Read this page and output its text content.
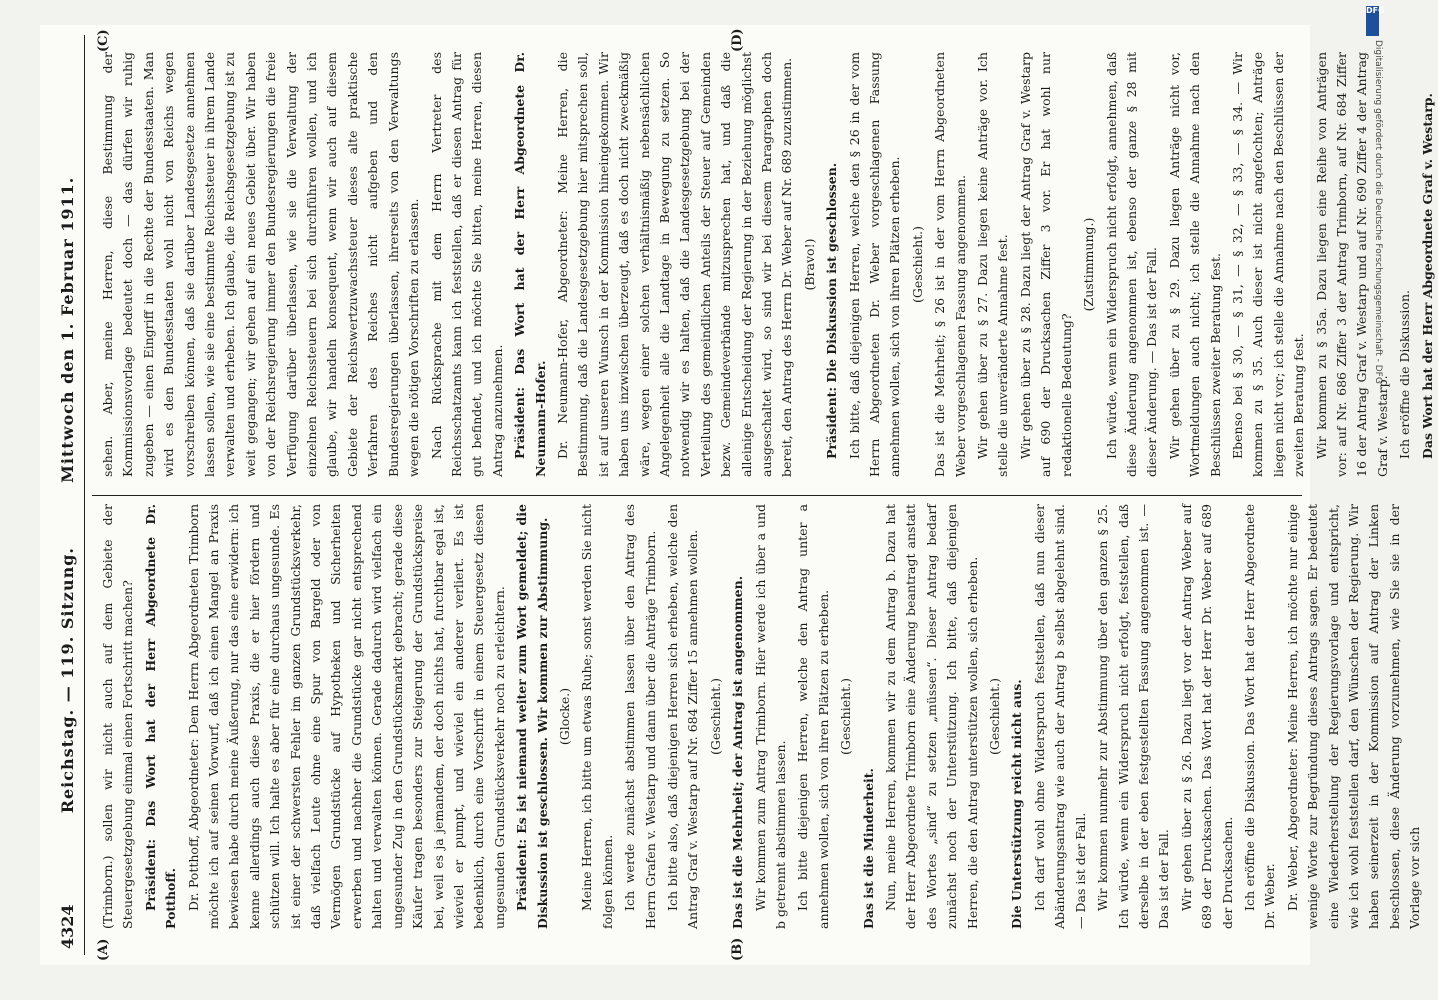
4324
Reichstag. — 119. Sitzung.     Mittwoch den 1. Februar 1911.
(A)	(B)
(C)	(D)

(Trimborn.) sollen wir nicht auch auf dem Gebiete der Steuergesetzgebung einmal einen Fortschritt machen? Präsident: Das Wort hat der Herr Abgeordnete Dr. Potthoff. Dr. Potthoff, Abgeordneter: Dem Herrn Abgeordneten Trimborn möchte ich auf seinen Vorwurf, daß ich einen Mangel an Praxis bewiesen habe durch meine Äußerung, nur das eine erwidern: ich kenne allerdings auch diese Praxis, die er hier fördern und schützen will. Ich halte es aber für eine durchaus ungesunde. Es ist einer der schwersten Fehler im ganzen Grundstücksverkehr, daß vielfach Leute ohne eine Spur von Bargeld oder von Vermögen Grundstücke auf Hypotheken und Sicherheiten erwerben und nachher die Grundstücke gar nicht entsprechend halten und verwalten können. Gerade dadurch wird vielfach ein ungesunder Zug in den Grundstücksmarkt gebracht; gerade diese Käufer tragen besonders zur Steigerung der Grundstückspreise bei, weil es ja jemandem, der doch nichts hat, furchtbar egal ist, wieviel er pumpt, und wieviel ein anderer verliert. Es ist bedenklich, durch eine Vorschrift in einem Steuergesetz diesen ungesunden Grundstücksverkehr noch zu erleichtern. Präsident: Es ist niemand weiter zum Wort gemeldet; die Diskussion ist geschlossen. Wir kommen zur Abstimmung. (Glocke.) Meine Herren, ich bitte um etwas Ruhe; sonst werden Sie nicht folgen können. Ich werde zunächst abstimmen lassen über den Antrag des Herrn Grafen v. Westarp und dann über die Anträge Trimborn. Ich bitte also, daß diejenigen Herren sich erheben, welche den Antrag Graf v. Westarp auf Nr. 684 Ziffer 15 annehmen wollen. (Geschieht.) Das ist die Mehrheit; der Antrag ist angenommen. Wir kommen zum Antrag Trimborn. Hier werde ich über a und b getrennt abstimmen lassen. Ich bitte diejenigen Herren, welche den Antrag unter a annehmen wollen, sich von ihren Plätzen zu erheben. (Geschieht.)

Das ist die Minderheit. Nun, meine Herren, kommen wir zu dem Antrag b. Dazu hat der Herr Abgeordnete Trimborn eine Änderung beantragt anstatt des Wortes „sind“ zu setzen „müssen“. Dieser Antrag bedarf zunächst noch der Unterstützung. Ich bitte, daß diejenigen Herren, die den Antrag unterstützen wollen, sich erheben. (Geschieht.) Die Unterstützung reicht nicht aus. Ich darf wohl ohne Widerspruch feststellen, daß nun dieser Abänderungsantrag wie auch der Antrag b selbst abgelehnt sind. — Das ist der Fall. Wir kommen nunmehr zur Abstimmung über den ganzen § 25. Ich würde, wenn ein Widerspruch nicht erfolgt, feststellen, daß derselbe in der eben festgestellten Fassung angenommen ist. — Das ist der Fall. Wir gehen über zu § 26. Dazu liegt vor der Antrag Weber auf 689 der Drucksachen. Das Wort hat der Herr Dr. Weber auf 689 der Drucksachen. Ich eröffne die Diskussion. Das Wort hat der Herr Abgeordnete Dr. Weber. Dr. Weber, Abgeordneter: Meine Herren, ich möchte nur einige wenige Worte zur Begründung dieses Antrags sagen. Er bedeutet eine Wiederherstellung der Regierungsvorlage und entspricht, wie ich wohl feststellen darf, den Wünschen der Regierung. Wir haben seinerzeit in der Kommission auf Antrag der Linken beschlossen, diese Änderung vorzunehmen, wie Sie sie in der Vorlage vor sich

sehen. Aber, meine Herren, diese Bestimmung der Kommissionsvorlage bedeutet doch — das dürfen wir ruhig zugeben — einen Eingriff in die Rechte der Bundesstaaten. Man wird es den Bundesstaaten wohl nicht von Reichs wegen vorschreiben können, daß sie darüber Landesgesetze annehmen lassen sollen, wie sie eine bestimmte Reichssteuer in ihrem Lande verwalten und erheben. Ich glaube, die Reichsgesetzgebung ist zu weit gegangen; wir gehen auf ein neues Gebiet über. Wir haben von der Reichsregierung immer den Bundesregierungen die freie Verfügung darüber überlassen, wie sie die Verwaltung der einzelnen Reichssteuern bei sich durchführen wollen, und ich glaube, wir handeln konsequent, wenn wir auch auf diesem Gebiete der Reichswertzuwachssteuer dieses alte praktische Verfahren des Reiches nicht aufgeben und den Bundesregierungen überlassen, ihrerseits von den Verwaltungs wegen die nötigen Vorschriften zu erlassen. Nach Rücksprache mit dem Herrn Vertreter des Reichsschatzamts kann ich feststellen, daß er diesen Antrag für gut befindet, und ich möchte Sie bitten, meine Herren, diesen Antrag anzunehmen. Präsident: Das Wort hat der Herr Abgeordnete Dr. Neumann-Hofer. Dr. Neumann-Hofer, Abgeordneter: Meine Herren, die Bestimmung, daß die Landesgesetzgebung hier mitsprechen soll, ist auf unseren Wunsch in der Kommission hineingekommen. Wir haben uns inzwischen überzeugt, daß es doch nicht zweckmäßig wäre, wegen einer solchen verhältnismäßig nebensächlichen Angelegenheit alle die Landtage in Bewegung zu setzen. So notwendig wir es halten, daß die Landesgesetzgebung bei der Verteilung des gemeindlichen Anteils der Steuer auf Gemeinden bezw. Gemeindeverbände mitzusprechen hat, und daß die alleinige Entscheidung der Regierung in der Beziehung möglichst ausgeschaltet wird, so sind wir bei diesem Paragraphen doch bereit, den Antrag des Herrn Dr. Weber auf Nr. 689 zuzustimmen. (Bravo!) Präsident: Die Diskussion ist geschlossen. Ich bitte, daß diejenigen Herren, welche den § 26 in der vom Herrn Abgeordneten Dr. Weber vorgeschlagenen Fassung annehmen wollen, sich von ihren Plätzen erheben. (Geschieht.) Das ist die Mehrheit; § 26 ist in der vom Herrn Abgeordneten Weber vorgeschlagenen Fassung angenommen. Wir gehen über zu § 27. Dazu liegen keine Anträge vor. Ich stelle die unveränderte Annahme fest. Wir gehen über zu § 28. Dazu liegt der Antrag Graf v. Westarp auf 690 der Drucksachen Ziffer 3 vor. Er hat wohl nur redaktionelle Bedeutung?

(Zustimmung.) Ich würde, wenn ein Widerspruch nicht erfolgt, annehmen, daß diese Änderung angenommen ist, ebenso der ganze § 28 mit dieser Änderung. — Das ist der Fall. Wir gehen über zu § 29. Dazu liegen Anträge nicht vor, Wortmeldungen auch nicht; ich stelle die Annahme nach den Beschlüssen zweiter Beratung fest. Ebenso bei § 30, — § 31, — § 32, — § 33, — § 34. — Wir kommen zu § 35. Auch dieser ist nicht angefochten; Anträge liegen nicht vor; ich stelle die Annahme nach den Beschlüssen der zweiten Beratung fest. Wir kommen zu § 35a. Dazu liegen eine Reihe von Anträgen vor: auf Nr. 686 Ziffer 3 der Antrag Trimborn, auf Nr. 684 Ziffer 16 der Antrag Graf v. Westarp und auf Nr. 690 Ziffer 4 der Antrag Graf v. Westarp. Ich eröffne die Diskussion. Das Wort hat der Herr Abgeordnete Graf v. Westarp.

DFG
Digitalisierung gefördert durch die Deutsche Forschungsgemeinschaft - DFG
